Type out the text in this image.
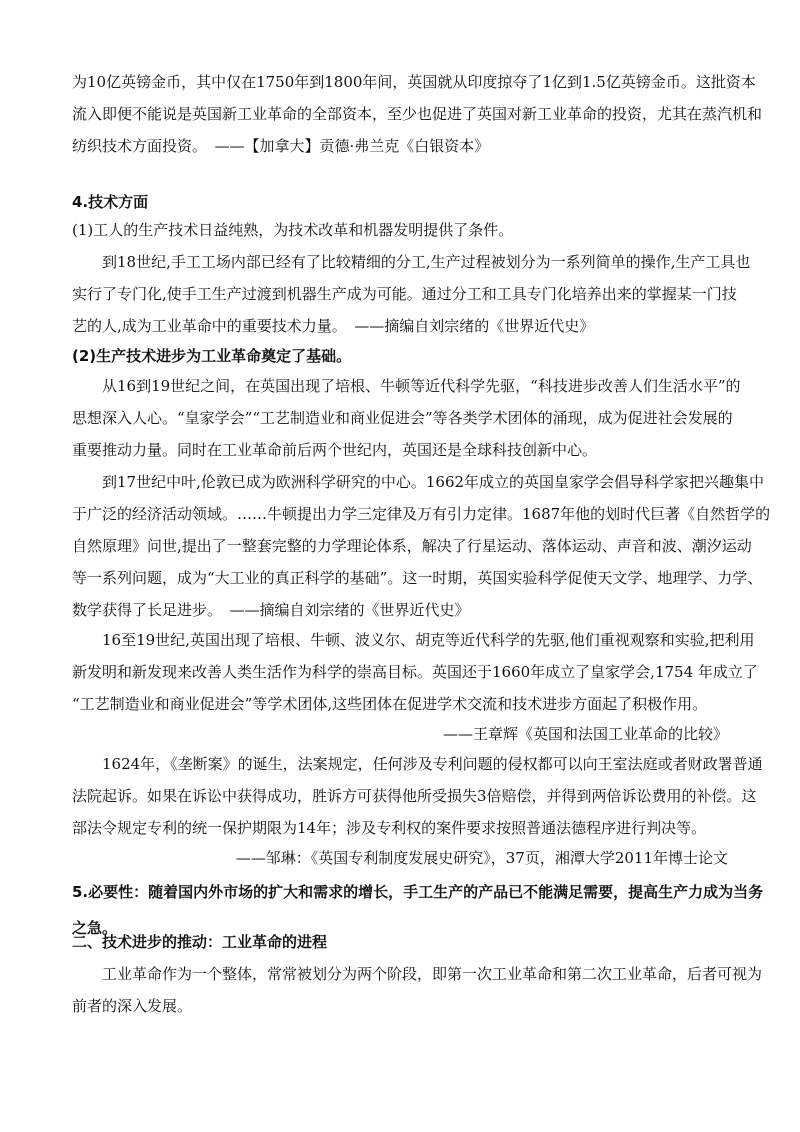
为10亿英镑金币，其中仅在1750年到1800年间，英国就从印度掠夺了1亿到1.5亿英镑金币。这批资本
流入即便不能说是英国新工业革命的全部资本，至少也促进了英国对新工业革命的投资，尤其在蒸汽机和
纺织技术方面投资。　——【加拿大】贡德·弗兰克《白银资本》
4.技术方面
(1)工人的生产技术日益纯熟，为技术改革和机器发明提供了条件。
到18世纪,手工工场内部已经有了比较精细的分工,生产过程被划分为一系列简单的操作,生产工具也
实行了专门化,使手工生产过渡到机器生产成为可能。通过分工和工具专门化培养出来的掌握某一门技
艺的人,成为工业革命中的重要技术力量。　——摘编自刘宗绪的《世界近代史》
(2)生产技术进步为工业革命奠定了基础。
从16到19世纪之间，在英国出现了培根、牛顿等近代科学先驱，“科技进步改善人们生活水平”的
思想深入人心。“皇家学会”“工艺制造业和商业促进会”等各类学术团体的涌现，成为促进社会发展的
重要推动力量。同时在工业革命前后两个世纪内，英国还是全球科技创新中心。
到17世纪中叶,伦敦已成为欧洲科学研究的中心。1662年成立的英国皇家学会倡导科学家把兴趣集中
于广泛的经济活动领域。……牛顿提出力学三定律及万有引力定律。1687年他的划时代巨著《自然哲学的
自然原理》问世,提出了一整套完整的力学理论体系，解决了行星运动、落体运动、声音和波、潮汐运动
等一系列问题，成为“大工业的真正科学的基础”。这一时期，英国实验科学促使天文学、地理学、力学、
数学获得了长足进步。　——摘编自刘宗绪的《世界近代史》
16至19世纪,英国出现了培根、牛顿、波义尔、胡克等近代科学的先驱,他们重视观察和实验,把利用
新发明和新发现来改善人类生活作为科学的崇高目标。英国还于1660年成立了皇家学会,1754 年成立了
“工艺制造业和商业促进会”等学术团体,这些团体在促进学术交流和技术进步方面起了积极作用。
——王章辉《英国和法国工业革命的比较》
1624年，《垄断案》的诞生，法案规定，任何涉及专利问题的侵权都可以向王室法庭或者财政署普通
法院起诉。如果在诉讼中获得成功，胜诉方可获得他所受损失3倍赔偿，并得到两倍诉讼费用的补偿。这
部法令规定专利的统一保护期限为14年；涉及专利权的案件要求按照普通法德程序进行判决等。
——邹琳：《英国专利制度发展史研究》，37页，湘潭大学2011年博士论文
5.必要性：随着国内外市场的扩大和需求的增长，手工生产的产品已不能满足需要，提高生产力成为当务
之急。
二、技术进步的推动：工业革命的进程
工业革命作为一个整体，常常被划分为两个阶段，即第一次工业革命和第二次工业革命，后者可视为
前者的深入发展。
